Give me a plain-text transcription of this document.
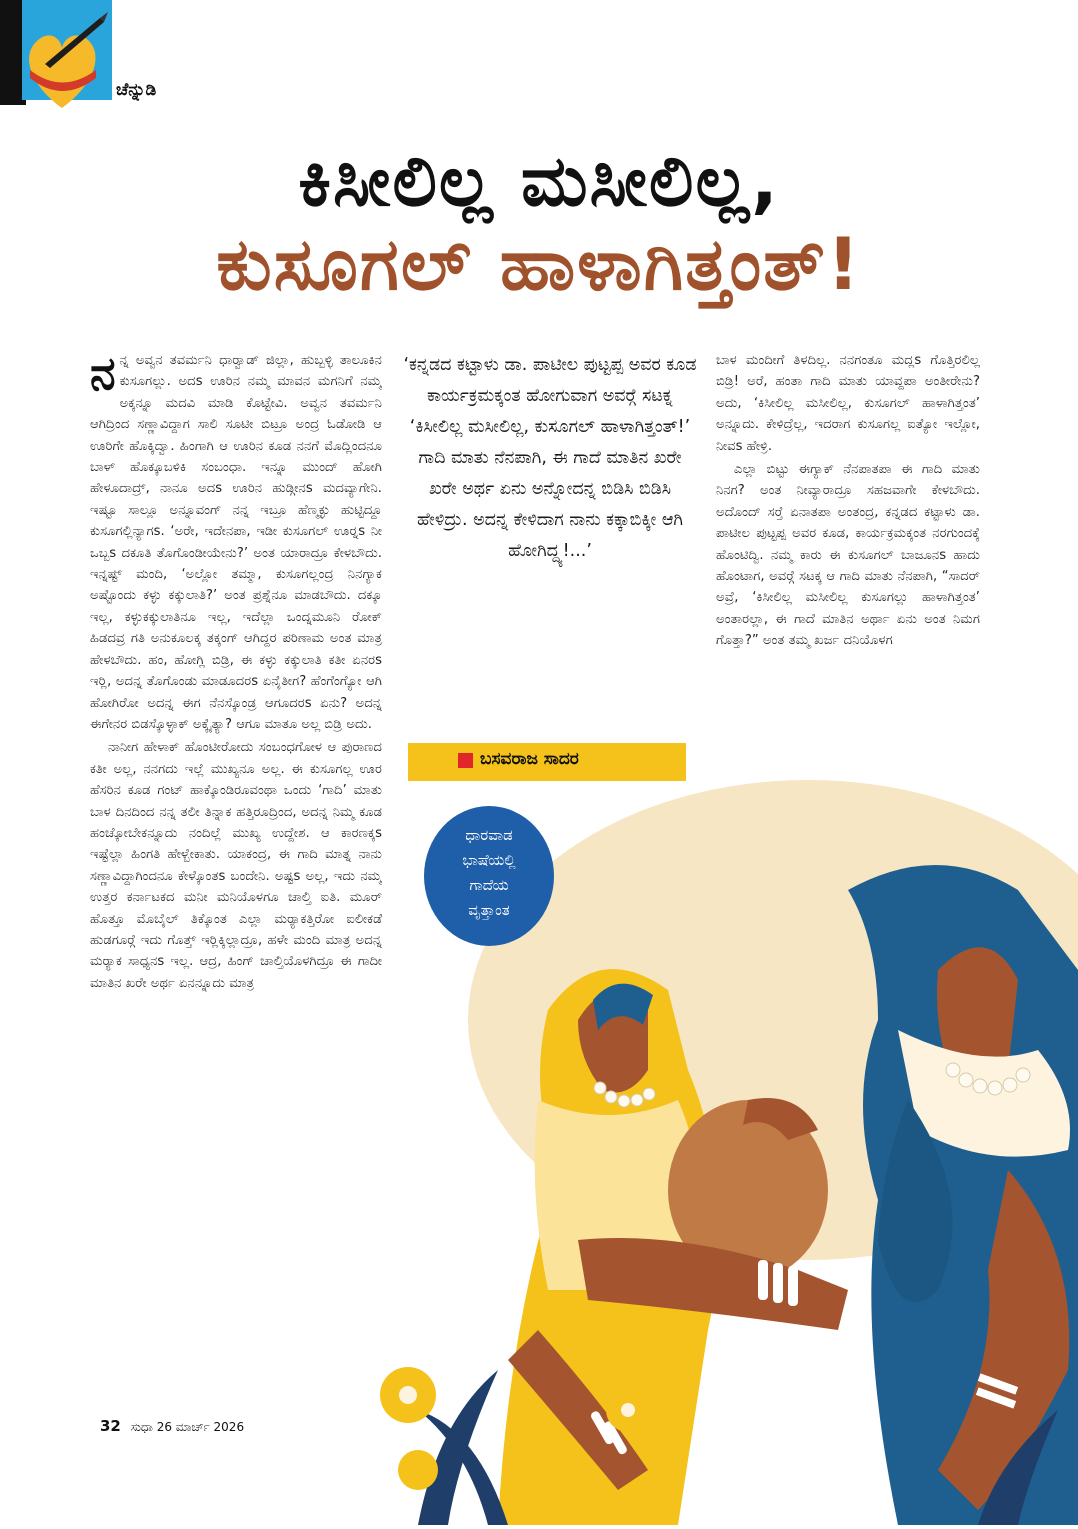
ಚೆನ್ನುಡಿ
ಕಿಸೀಲಿಲ್ಲ ಮಸೀಲಿಲ್ಲ,
ಕುಸೂಗಲ್ ಹಾಳಾಗಿತ್ತಂತ್!

ನನ್ನ ಅವ್ವನ ತವರ್ಮನಿ ಧಾರ್‍ವಾಡ್ ಜಿಲ್ಲಾ, ಹುಬ್ಬಳ್ಳಿ ತಾಲೂಕಿನ ಕುಸೂಗಲ್ಲು. ಅದs ಊರಿನ ನಮ್ಮ ಮಾವನ ಮಗನಿಗೆ ನಮ್ಮ ಅಕ್ಕನ್ನೂ ಮದವಿ ಮಾಡಿ ಕೊಟ್ಟೇವಿ. ಅವ್ವನ ತವರ್ಮನಿ ಆಗಿದ್ರಿಂದ ಸಣ್ಣಾವಿದ್ದಾಗ ಸಾಲಿ ಸೂಟೀ ಬಿಟ್ರೂ ಅಂದ್ರ ಓಡೋಡಿ ಆ ಊರಿಗೇ ಹೊಕ್ಕಿದ್ವಾ. ಹಿಂಗಾಗಿ ಆ ಊರಿನ ಕೂಡ ನನಗೆ ಮೊದ್ಲಿಂದನೂ ಬಾಳ್ ಹೊಕ್ಕೂಬಳಿಕಿ ಸಂಬಂಧಾ. ಇನ್ನೂ ಮುಂದ್ ಹೋಗಿ ಹೇಳೂದಾದ್ರ್, ನಾನೂ ಅದs ಊರಿನ ಹುಡ್ಗೀನs ಮದವ್ಯಾಗೇನಿ. ಇಷ್ಟೂ ಸಾಲ್ಲೂ ಅನ್ನೂವಂಗ್ ನನ್ನ ಇಬ್ರೂ ಹೆಣ್ಮಕ್ಳು ಹುಟ್ಟಿದ್ದೂ ಕುಸೂಗಲ್ಲಿನ್ಯಾಗs. ‘ಅರೇ, ಇದೇನಪಾ, ಇಡೀ ಕುಸೂಗಲ್ ಊರ್‍ನs ನೀ ಒಬ್ಬs ದಕೂತಿ ತೊಗೊಂಡೀಯೇನು?’ ಅಂತ ಯಾರಾದ್ರೂ ಕೇಳಬೌದು. ಇನ್ನಷ್ಟ್ ಮಂದಿ, ‘ಅಲ್ಲೋ ತಮ್ಮಾ, ಕುಸೂಗಲ್ಲಂದ್ರ ನಿನಗ್ಯಾಕ ಅಷ್ಟೊಂದು ಕಳ್ಳು ಕಕ್ಕುಲಾತಿ?’ ಅಂತ ಪ್ರಶ್ನೆನೂ ಮಾಡಬೌದು. ದಕ್ಕೂ ಇಲ್ಲ, ಕಳ್ಳುಕಕ್ಕುಲಾತಿನೂ ಇಲ್ಲ, ಇದೆಲ್ಲಾ ಒಂದ್ನಮೂನಿ ರೋಕ್ ಹಿಡದವ್ರ ಗತಿ ಅನುಕೂಲಕ್ಕ ತಕ್ಕಂಗ್ ಆಗಿದ್ದರ ಪರಿಣಾಮ ಅಂತ ಮಾತ್ರ ಹೇಳಬೌದು. ಹಂ, ಹೋಗ್ಲಿ ಬಿಡ್ರಿ, ಈ ಕಳ್ಳು ಕಕ್ಕುಲಾತಿ ಕತೀ ಏನರs ಇರ್‍ಲಿ, ಅದನ್ನ ತೊಗೊಂಡು ಮಾಡೂದರs ಏನೈತೀಗ? ಹೆಂಗೆಂಗ್ಯೋ ಆಗಿ ಹೋಗಿರೋ ಅದನ್ನ ಈಗ ನೆನಸ್ಕೊಂಡ್ರ ಆಗೂದರs ಏನು? ಅದನ್ನ ಈಗೇನರ ಬಿಡಸ್ಕೊಳ್ಳಾಕ್ ಅಕ್ಕೈತ್ಯಾ? ಆಗೂ ಮಾತೂ ಅಲ್ಲ ಬಿಡ್ರಿ ಅದು.

ನಾನೀಗ ಹೇಳಾಕ್ ಹೊಂಟೀರೋದು ಸಂಬಂಧಗೋಳ ಆ ಪುರಾಣದ ಕತೀ ಅಲ್ಲ, ನನಗದು ಇಲ್ಲೆ ಮುಖ್ಯನೂ ಅಲ್ಲ. ಈ ಕುಸೂಗಲ್ಲ ಊರ ಹೆಸರಿನ ಕೂಡ ಗಂಟ್ ಹಾಕ್ಕೊಂಡಿರೂವಂಥಾ ಒಂದು ‘ಗಾದಿ’ ಮಾತು ಬಾಳ ದಿನದಿಂದ ನನ್ನ ತಲೀ ತಿನ್ನಾಕ ಹತ್ತಿರೂದ್ರಿಂದ, ಅದನ್ನ ನಿಮ್ಮ ಕೂಡ ಹಂಚ್ಕೋಬೇಕನ್ನೂದು ನಂದಿಲ್ಲೆ ಮುಖ್ಯ ಉದ್ದೇಶ. ಆ ಕಾರಣಕ್ಕs ಇಷ್ಟೆಲ್ಲಾ ಹಿಂಗತಿ ಹೇಳ್ಬೇಕಾತು. ಯಾಕಂದ್ರ, ಈ ಗಾದಿ ಮಾತ್ನ ನಾನು ಸಣ್ಣಾವಿದ್ದಾಗಿಂದನೂ ಕೇಳ್ಕೊಂತs ಬಂದೇನಿ. ಅಷ್ಟs ಅಲ್ಲ, ಇದು ನಮ್ಮ ಉತ್ತರ ಕರ್ನಾಟಕದ ಮನೀ ಮನಿಯೊಳಗೂ ಚಾಲ್ತಿ ಐತಿ. ಮೂರ್ ಹೊತ್ತೂ ಮೊಬೈಲ್ ತಿಕ್ಕೊಂತ ಎಲ್ಲಾ ಮರ್‍ಯಾಕತ್ತಿರೋ ಐಲೀಕಡೆ ಹುಡಗೂರ್‍ಗೆ ಇದು ಗೊತ್ತ್ ಇರ್‍ಲಿಕ್ಕಿಲ್ಲಾದ್ರೂ, ಹಳೇ ಮಂದಿ ಮಾತ್ರ ಅದನ್ನ ಮರ್‍ಯಾಕ ಸಾಧ್ಯನs ಇಲ್ಲ. ಆದ್ರ, ಹಿಂಗ್ ಚಾಲ್ತಿಯೊಳಗಿದ್ರೂ ಈ ಗಾದೀ ಮಾತಿನ ಖರೇ ಅರ್ಥ ಏನನ್ನೂದು ಮಾತ್ರ

‘ಕನ್ನಡದ ಕಟ್ಟಾಳು ಡಾ. ಪಾಟೀಲ ಪುಟ್ಟಪ್ಪ ಅವರ ಕೂಡ ಕಾರ್ಯಕ್ರಮಕ್ಕಂತ ಹೋಗುವಾಗ ಅವರ್‍ಗೆ ಸಟಕ್ನ ‘ಕಿಸೀಲಿಲ್ಲ ಮಸೀಲಿಲ್ಲ, ಕುಸೂಗಲ್ ಹಾಳಾಗಿತ್ತಂತ್!’ ಗಾದಿ ಮಾತು ನೆನಪಾಗಿ, ಈ ಗಾದೆ ಮಾತಿನ ಖರೇ ಖರೇ ಅರ್ಥ ಏನು ಅನ್ನೋದನ್ನ ಬಿಡಿಸಿ ಬಿಡಿಸಿ ಹೇಳಿದ್ರು. ಅದನ್ನ ಕೇಳಿದಾಗ ನಾನು ಕಕ್ಕಾಬಿಕ್ಕೀ ಆಗಿ ಹೋಗಿದ್ದ್ಯ!...’
ಬಸವರಾಜ ಸಾದರ

ಬಾಳ ಮಂದೀಗೆ ತಿಳದಿಲ್ಲ. ನನಗಂತೂ ಮದ್ಲs ಗೊತ್ತಿರಲಿಲ್ಲ ಬಿಡ್ರಿ! ಅರೆ, ಹಂತಾ ಗಾದಿ ಮಾತು ಯಾವ್ದಪಾ ಅಂತೀರೇನು? ಅದು, ‘ಕಿಸೀಲಿಲ್ಲ ಮಸೀಲಿಲ್ಲ, ಕುಸೂಗಲ್ ಹಾಳಾಗಿತ್ತಂತ’ ಅನ್ನೂದು. ಕೇಳಿದ್ರೆಲ್ಲ, ಇದರಾಗ ಕುಸೂಗಲ್ಲ ಐತ್ಯೋ ಇಲ್ಲೋ, ನೀವs ಹೇಳ್ರಿ.

ಎಲ್ಲಾ ಬಿಟ್ಟು ಈಗ್ಯಾಕ್ ನೆನಪಾತಪಾ ಈ ಗಾದಿ ಮಾತು ನಿನಗ? ಅಂತ ನೀವ್ಯಾರಾದ್ರೂ ಸಹಜವಾಗೇ ಕೇಳಬೌದು. ಅದೊಂದ್ ಸರ್‍ತೆ ಏನಾತಪಾ ಅಂತಂದ್ರ, ಕನ್ನಡದ ಕಟ್ಟಾಳು ಡಾ. ಪಾಟೀಲ ಪುಟ್ಟಪ್ಪ ಅವರ ಕೂಡ, ಕಾರ್ಯಕ್ರಮಕ್ಕಂತ ನರಗುಂದಕ್ಕೆ ಹೊಂಟಿದ್ವಿ. ನಮ್ಮ ಕಾರು ಈ ಕುಸೂಗಲ್ ಬಾಜೂನs ಹಾದು ಹೊಂಟಾಗ, ಅವರ್‍ಗೆ ಸಟಕ್ಕ ಆ ಗಾದಿ ಮಾತು ನೆನಪಾಗಿ, “ಸಾದರ್ ಅವ್ರೆ, ‘ಕಿಸೀಲಿಲ್ಲ ಮಸೀಲಿಲ್ಲ ಕುಸೂಗಲ್ಲು ಹಾಳಾಗಿತ್ತಂತ’ ಅಂತಾರಲ್ಲಾ, ಈ ಗಾದೆ ಮಾತಿನ ಅರ್ಥಾ ಏನು ಅಂತ ನಿಮಗ ಗೊತ್ತಾ?” ಅಂತ ತಮ್ಮ ಖರ್ಜ ದನಿಯೊಳಗ

ಧಾರವಾಡ
ಭಾಷೆಯಲ್ಲಿ
ಗಾದೆಯ
ವೃತ್ತಾಂತ
32 ಸುಧಾ 26 ಮಾರ್ಚ್ 2026
